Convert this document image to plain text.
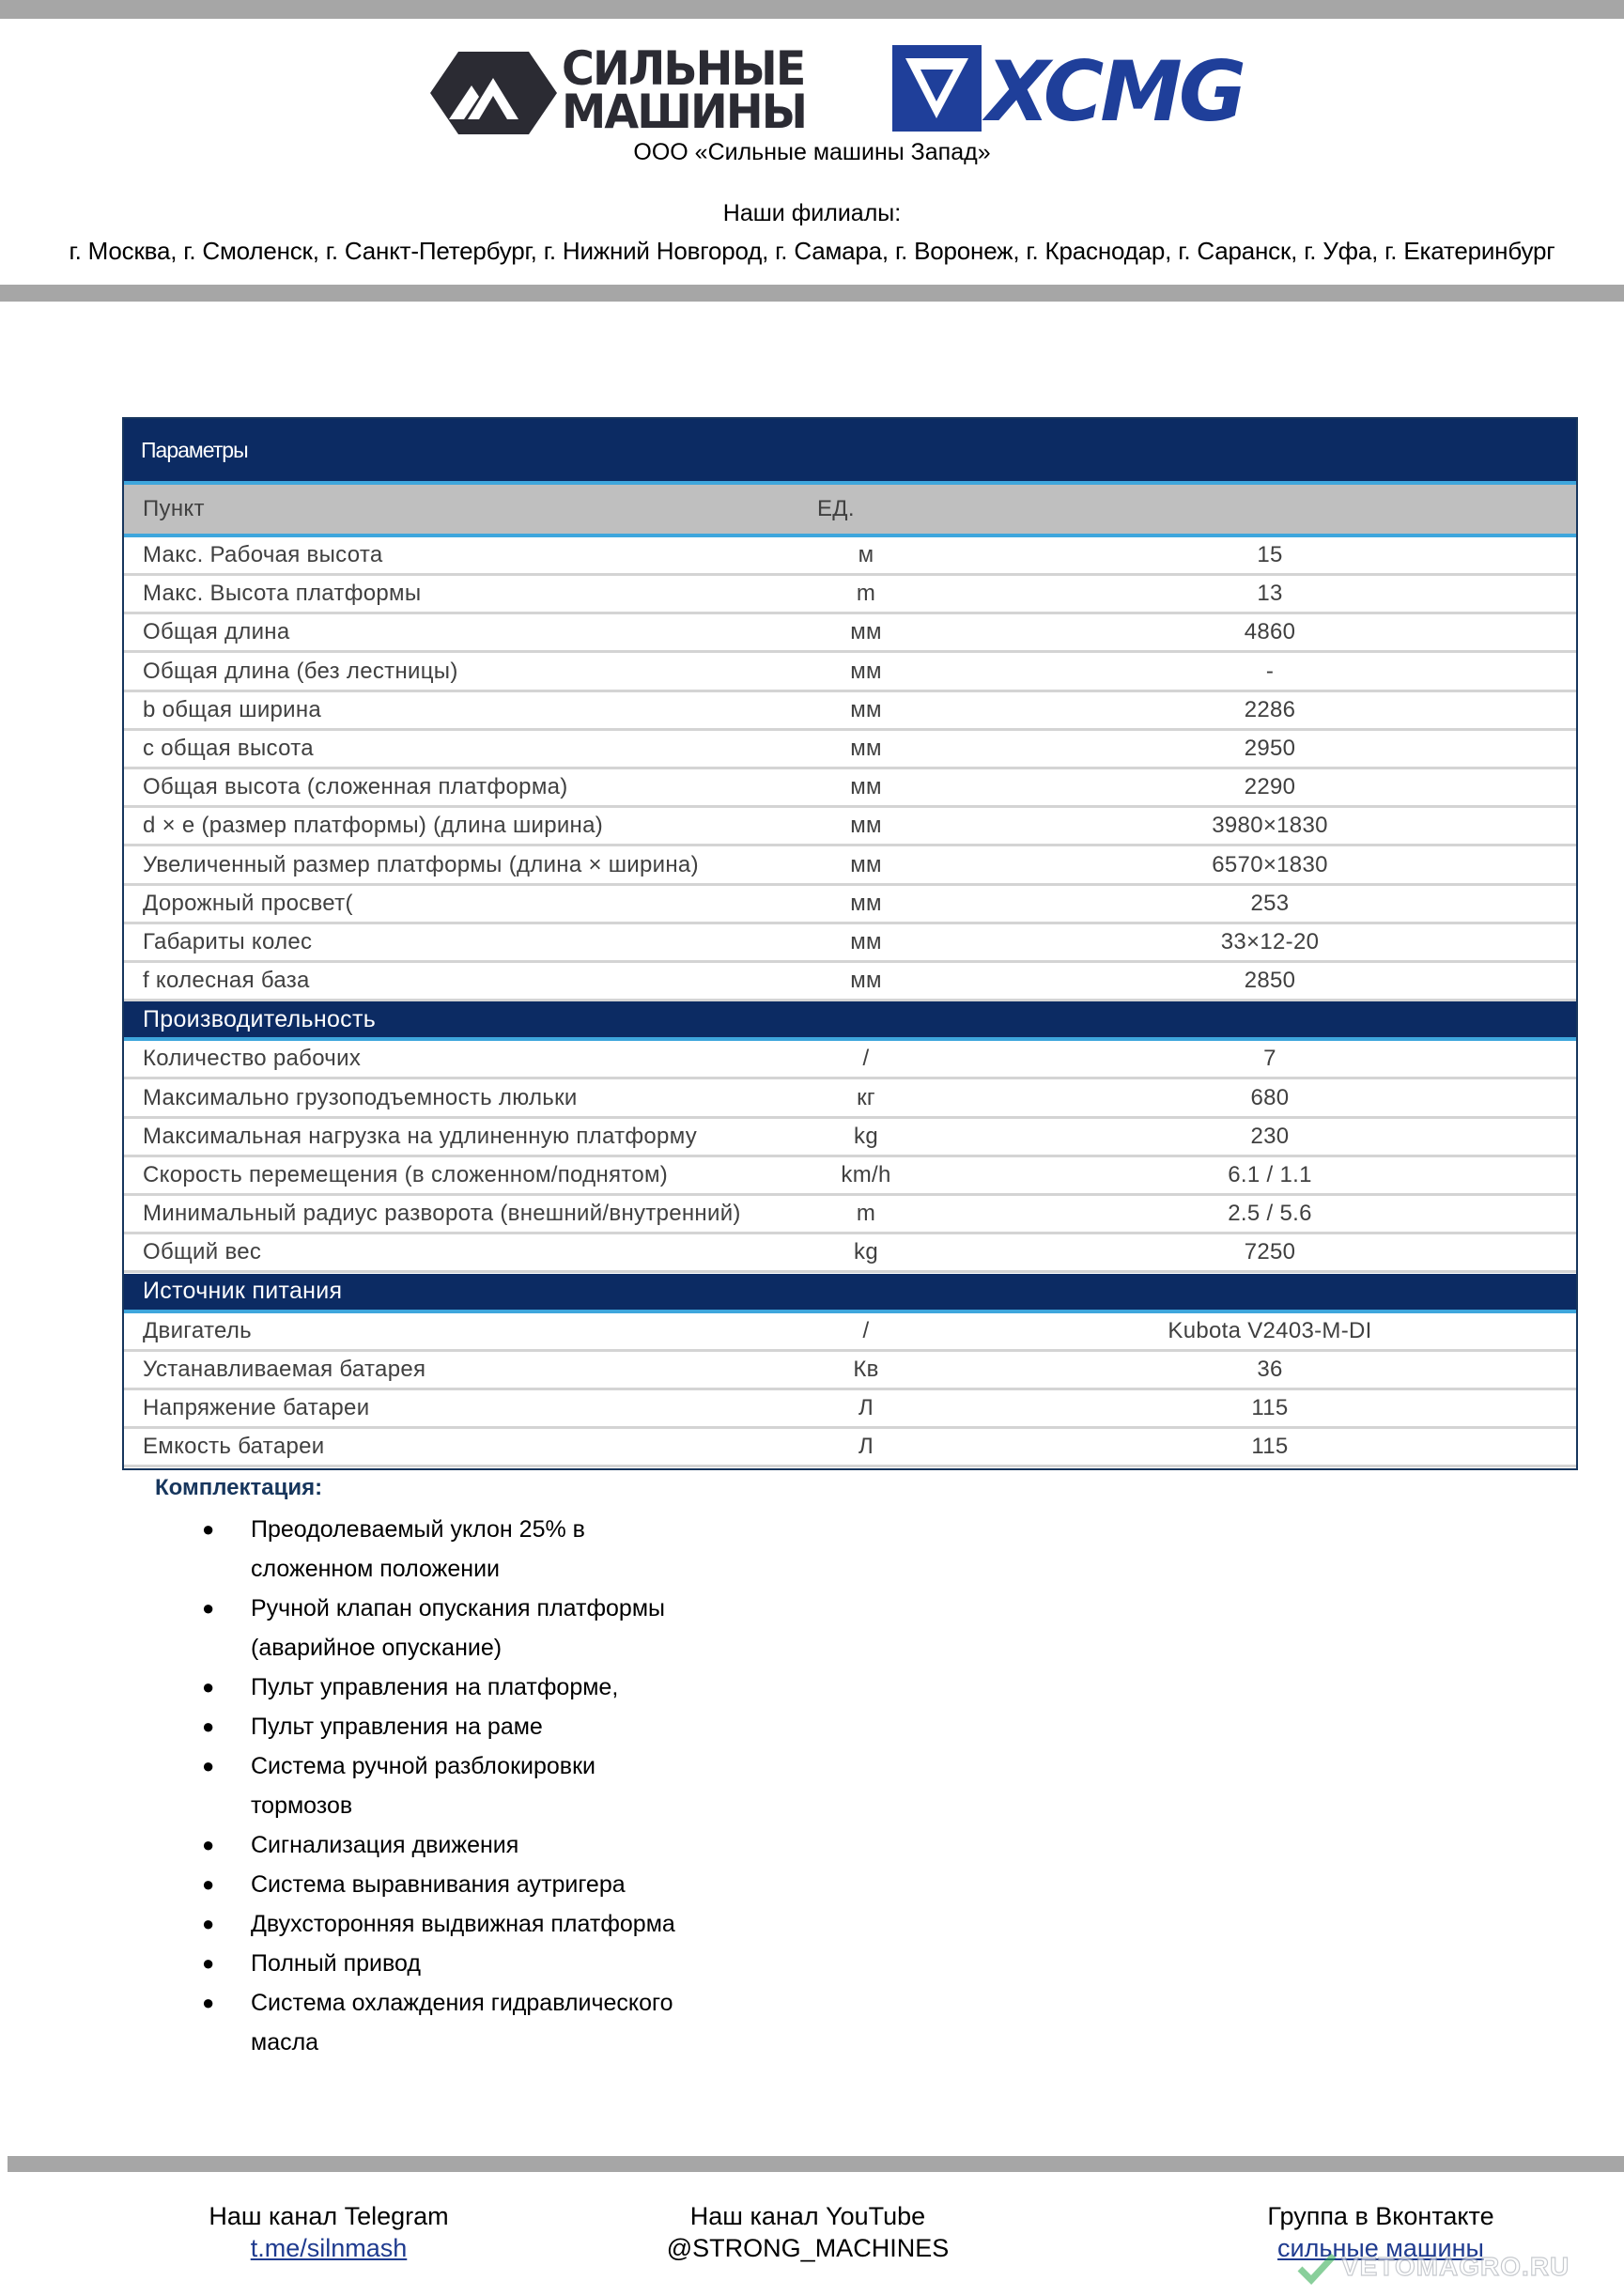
СИЛЬНЫЕ
МАШИНЫ XCMG
ООО «Сильные машины Запад»
Наши филиалы:
г. Москва, г. Смоленск, г. Санкт-Петербург, г. Нижний Новгород, г. Самара, г. Воронеж, г. Краснодар, г. Саранск, г. Уфа, г. Екатеринбург
Параметры
Пункт	ЕД.
Макс. Рабочая высота	м	15
Макс. Высота платформы	m	13
Общая длина	мм	4860
Общая длина (без лестницы)	мм	-
b общая ширина	мм	2286
c общая высота	мм	2950
Общая высота (сложенная платформа)	мм	2290
d × e (размер платформы) (длина ширина)	мм	3980×1830
Увеличенный размер платформы (длина × ширина)	мм	6570×1830
Дорожный просвет(	мм	253
Габариты колес	мм	33×12-20
f колесная база	мм	2850
Производительность
Количество рабочих	/	7
Максимально грузоподъемность люльки	кг	680
Максимальная нагрузка на удлиненную платформу	kg	230
Скорость перемещения (в сложенном/поднятом)	km/h	6.1 / 1.1
Минимальный радиус разворота (внешний/внутренний)	m	2.5 / 5.6
Общий вес	kg	7250
Источник питания
Двигатель	/	Kubota V2403-M-DI
Устанавливаемая батарея	Кв	36
Напряжение батареи	Л	115
Емкость батареи	Л	115
Комплектация:
● Преодолеваемый уклон 25% в
сложенном положении
● Ручной клапан опускания платформы
(аварийное опускание)
● Пульт управления на платформе,
● Пульт управления на раме
● Система ручной разблокировки
тормозов
● Сигнализация движения
● Система выравнивания аутригера
● Двухсторонняя выдвижная платформа
● Полный привод
● Система охлаждения гидравлического
масла
Наш канал Telegram
t.me/silnmash
Наш канал YouTube
@STRONG_MACHINES
Группа в Вконтакте
сильные машины
VETOMAGRO.RU
